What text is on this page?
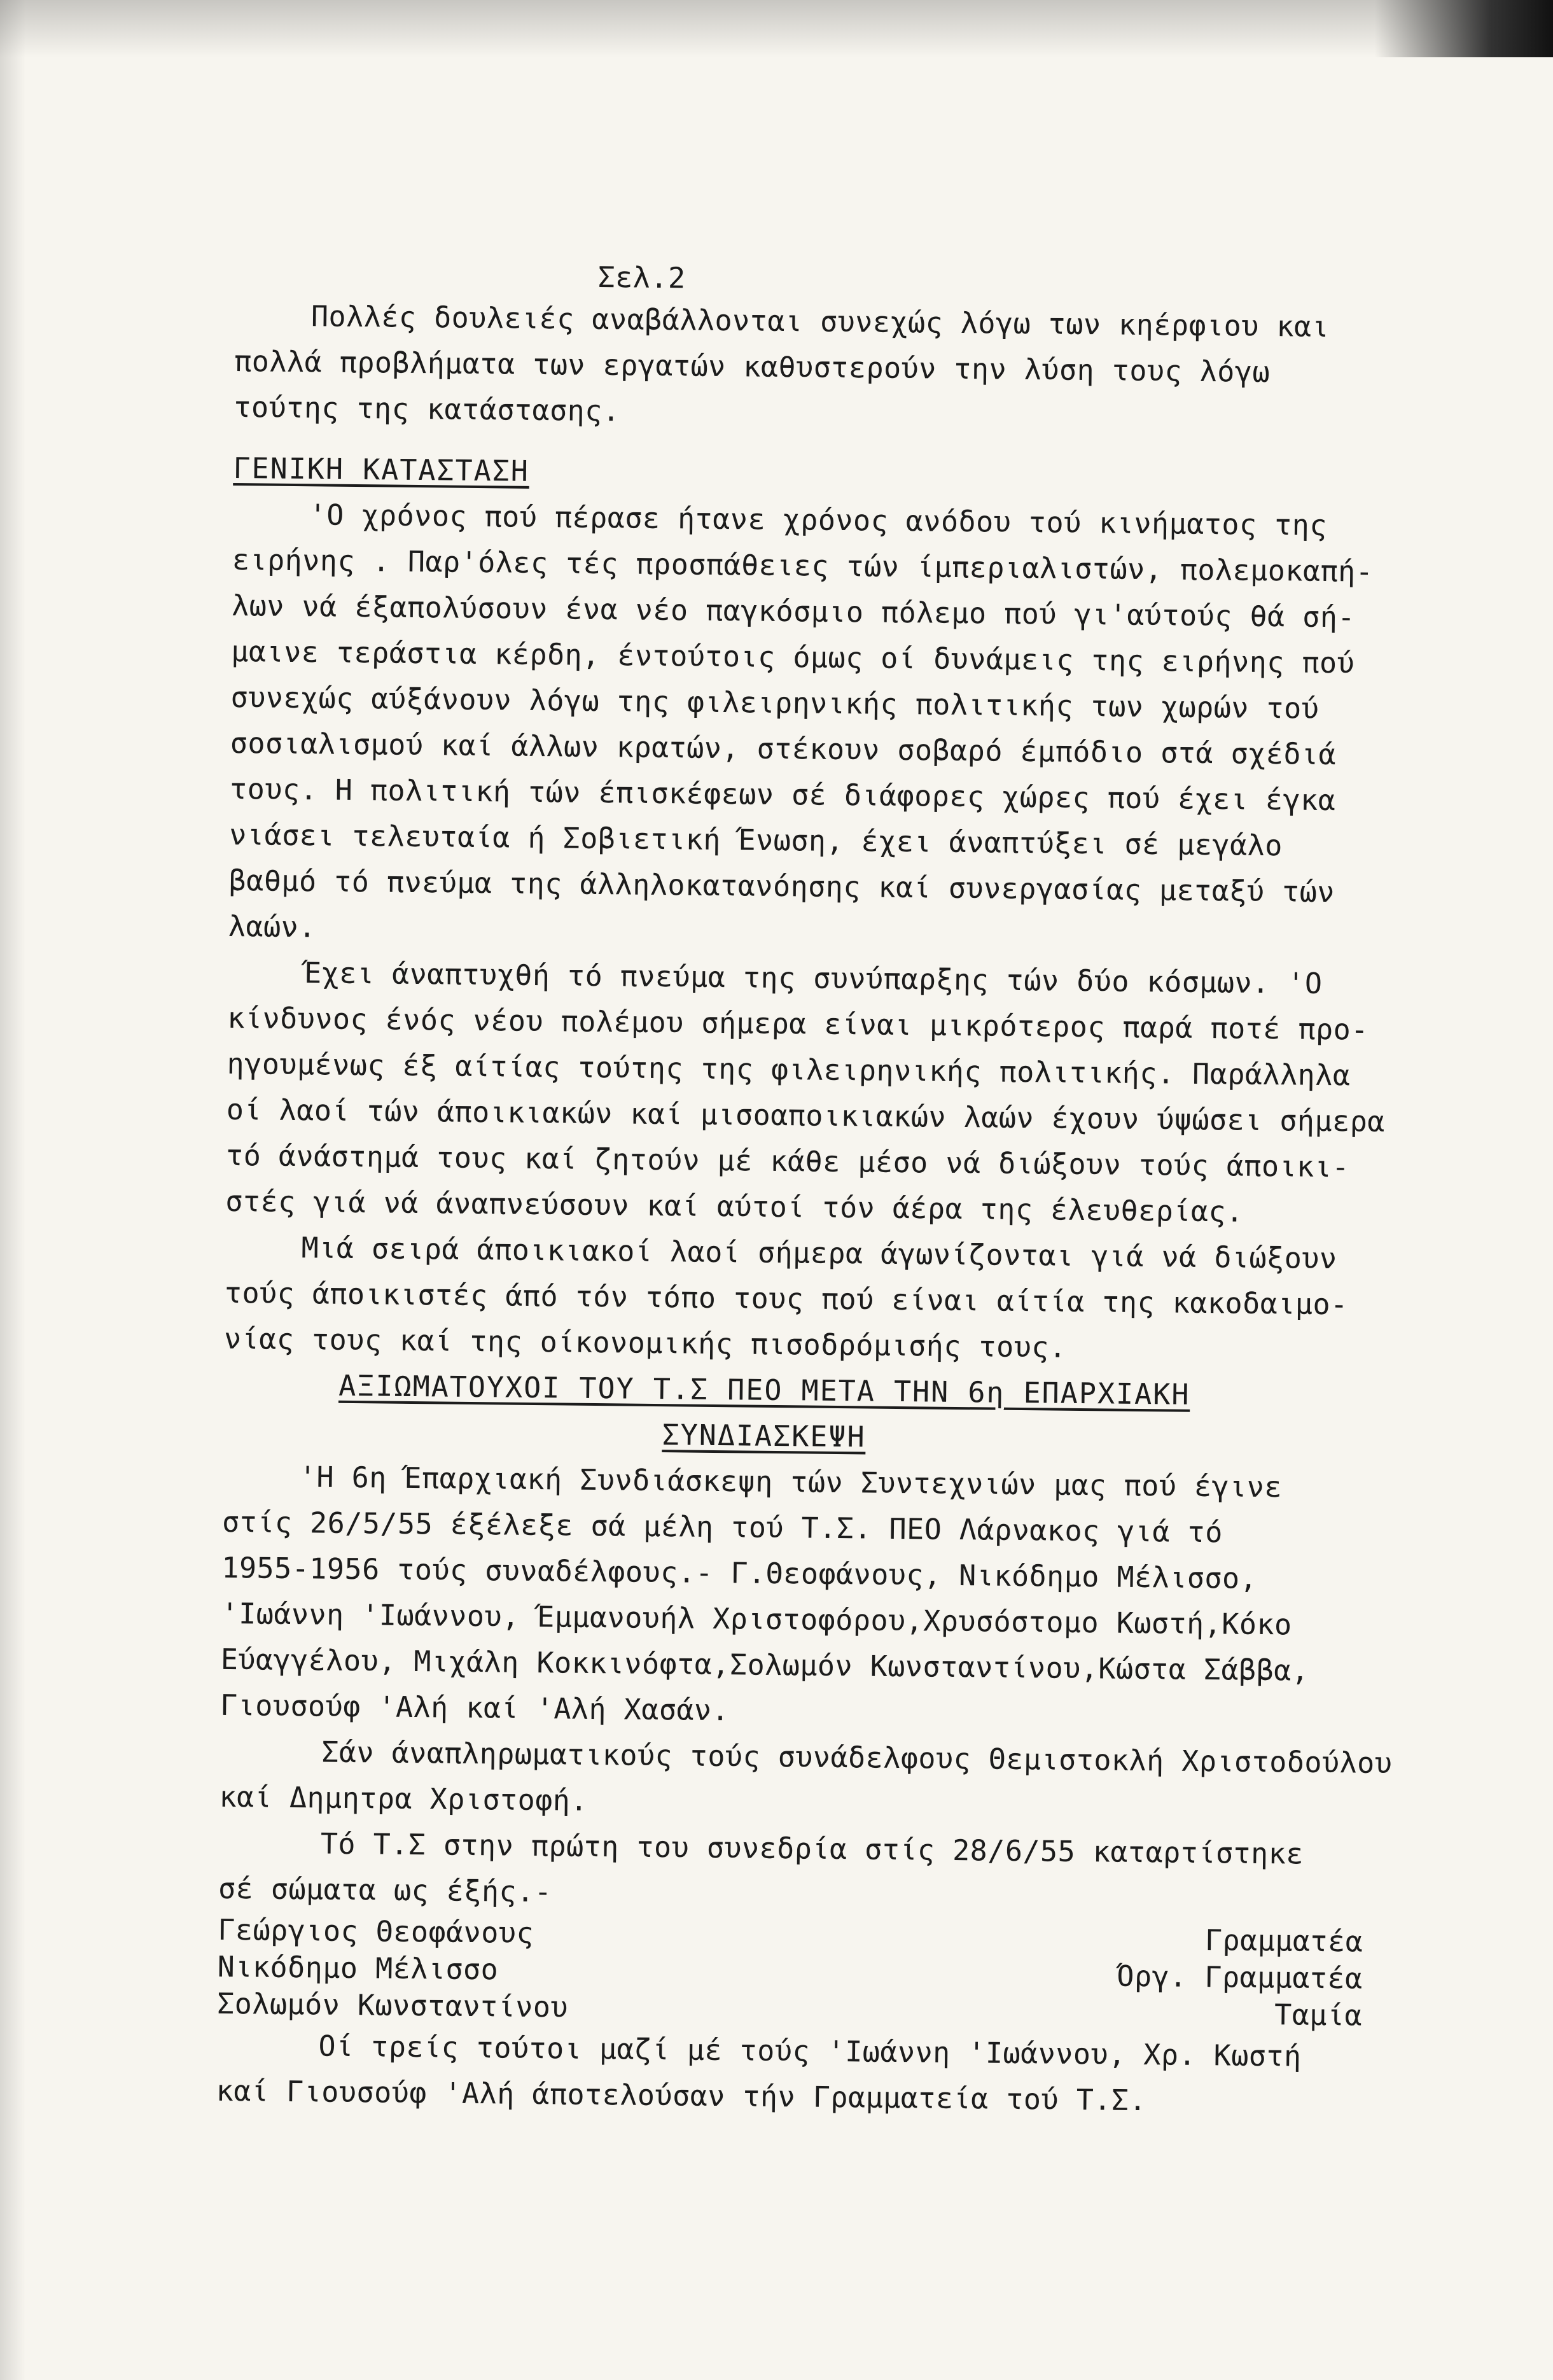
Σελ.2
Πολλές δουλειές αναβάλλονται συνεχώς λόγω των κηέρφιου και
πολλά προβλήματα των εργατών καθυστερούν την λύση τους λόγω
τούτης της κατάστασης.
ΓΕΝΙΚΗ ΚΑΤΑΣΤΑΣΗ
'Ο χρόνος πού πέρασε ήτανε χρόνος ανόδου τού κινήματος της
ειρήνης . Παρ'όλες τές προσπάθειες τών ίμπεριαλιστών, πολεμοκαπή-
λων νά έξαπολύσουν ένα νέο παγκόσμιο πόλεμο πού γι'αύτούς θά σή-
μαινε τεράστια κέρδη, έντούτοις όμως οί δυνάμεις της ειρήνης πού
συνεχώς αύξάνουν λόγω της φιλειρηνικής πολιτικής των χωρών τού
σοσιαλισμού καί άλλων κρατών, στέκουν σοβαρό έμπόδιο στά σχέδιά
τους. Η πολιτική τών έπισκέφεων σέ διάφορες χώρες πού έχει έγκα
νιάσει τελευταία ή Σοβιετική Ένωση, έχει άναπτύξει σέ μεγάλο
βαθμό τό πνεύμα της άλληλοκατανόησης καί συνεργασίας μεταξύ τών
λαών.
Έχει άναπτυχθή τό πνεύμα της συνύπαρξης τών δύο κόσμων. 'Ο
κίνδυνος ένός νέου πολέμου σήμερα είναι μικρότερος παρά ποτέ προ-
ηγουμένως έξ αίτίας τούτης της φιλειρηνικής πολιτικής. Παράλληλα
οί λαοί τών άποικιακών καί μισοαποικιακών λαών έχουν ύψώσει σήμερα
τό άνάστημά τους καί ζητούν μέ κάθε μέσο νά διώξουν τούς άποικι-
στές γιά νά άναπνεύσουν καί αύτοί τόν άέρα της έλευθερίας.
Μιά σειρά άποικιακοί λαοί σήμερα άγωνίζονται γιά νά διώξουν
τούς άποικιστές άπό τόν τόπο τους πού είναι αίτία της κακοδαιμο-
νίας τους καί της οίκονομικής πισοδρόμισής τους.
ΑΞΙΩΜΑΤΟΥΧΟΙ ΤΟΥ Τ.Σ ΠΕΟ ΜΕΤΑ ΤΗΝ 6η ΕΠΑΡΧΙΑΚΗ
ΣΥΝΔΙΑΣΚΕΨΗ
'Η 6η Έπαρχιακή Συνδιάσκεψη τών Συντεχνιών μας πού έγινε
στίς 26/5/55 έξέλεξε σά μέλη τού Τ.Σ. ΠΕΟ Λάρνακος γιά τό
1955-1956 τούς συναδέλφους.- Γ.Θεοφάνους, Νικόδημο Μέλισσο,
'Ιωάννη 'Ιωάννου, Έμμανουήλ Χριστοφόρου,Χρυσόστομο Κωστή,Κόκο
Εύαγγέλου, Μιχάλη Κοκκινόφτα,Σολωμόν Κωνσταντίνου,Κώστα Σάββα,
Γιουσούφ 'Αλή καί 'Αλή Χασάν.
Σάν άναπληρωματικούς τούς συνάδελφους Θεμιστοκλή Χριστοδούλου
καί Δημητρα Χριστοφή.
Τό Τ.Σ στην πρώτη του συνεδρία στίς 28/6/55 καταρτίστηκε
σέ σώματα ως έξής.-
Γεώργιος Θεοφάνους	Γραμματέα
Νικόδημο Μέλισσο	Όργ. Γραμματέα
Σολωμόν Κωνσταντίνου	Ταμία
Οί τρείς τούτοι μαζί μέ τούς 'Ιωάννη 'Ιωάννου, Χρ. Κωστή
καί Γιουσούφ 'Αλή άποτελούσαν τήν Γραμματεία τού Τ.Σ.
